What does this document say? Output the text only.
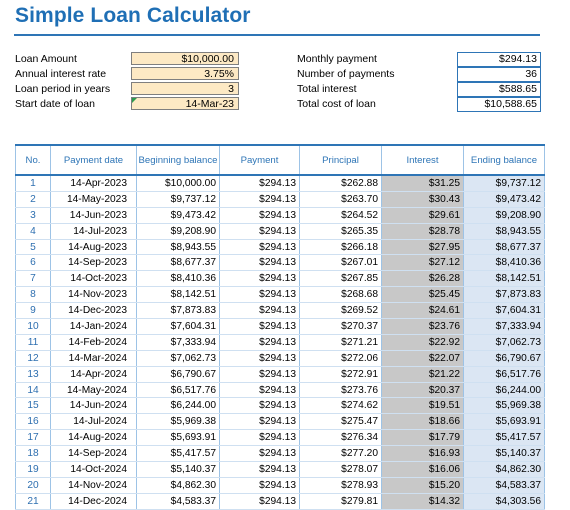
Simple Loan Calculator
Loan Amount	$10,000.00
Annual interest rate	3.75%
Loan period in years	3
Start date of loan	14-Mar-23
Monthly payment	$294.13
Number of payments	36
Total interest	$588.65
Total cost of loan	$10,588.65
No.	Payment date	Beginning balance	Payment	Principal	Interest	Ending balance
1	14-Apr-2023	$10,000.00	$294.13	$262.88	$31.25	$9,737.12
2	14-May-2023	$9,737.12	$294.13	$263.70	$30.43	$9,473.42
3	14-Jun-2023	$9,473.42	$294.13	$264.52	$29.61	$9,208.90
4	14-Jul-2023	$9,208.90	$294.13	$265.35	$28.78	$8,943.55
5	14-Aug-2023	$8,943.55	$294.13	$266.18	$27.95	$8,677.37
6	14-Sep-2023	$8,677.37	$294.13	$267.01	$27.12	$8,410.36
7	14-Oct-2023	$8,410.36	$294.13	$267.85	$26.28	$8,142.51
8	14-Nov-2023	$8,142.51	$294.13	$268.68	$25.45	$7,873.83
9	14-Dec-2023	$7,873.83	$294.13	$269.52	$24.61	$7,604.31
10	14-Jan-2024	$7,604.31	$294.13	$270.37	$23.76	$7,333.94
11	14-Feb-2024	$7,333.94	$294.13	$271.21	$22.92	$7,062.73
12	14-Mar-2024	$7,062.73	$294.13	$272.06	$22.07	$6,790.67
13	14-Apr-2024	$6,790.67	$294.13	$272.91	$21.22	$6,517.76
14	14-May-2024	$6,517.76	$294.13	$273.76	$20.37	$6,244.00
15	14-Jun-2024	$6,244.00	$294.13	$274.62	$19.51	$5,969.38
16	14-Jul-2024	$5,969.38	$294.13	$275.47	$18.66	$5,693.91
17	14-Aug-2024	$5,693.91	$294.13	$276.34	$17.79	$5,417.57
18	14-Sep-2024	$5,417.57	$294.13	$277.20	$16.93	$5,140.37
19	14-Oct-2024	$5,140.37	$294.13	$278.07	$16.06	$4,862.30
20	14-Nov-2024	$4,862.30	$294.13	$278.93	$15.20	$4,583.37
21	14-Dec-2024	$4,583.37	$294.13	$279.81	$14.32	$4,303.56
